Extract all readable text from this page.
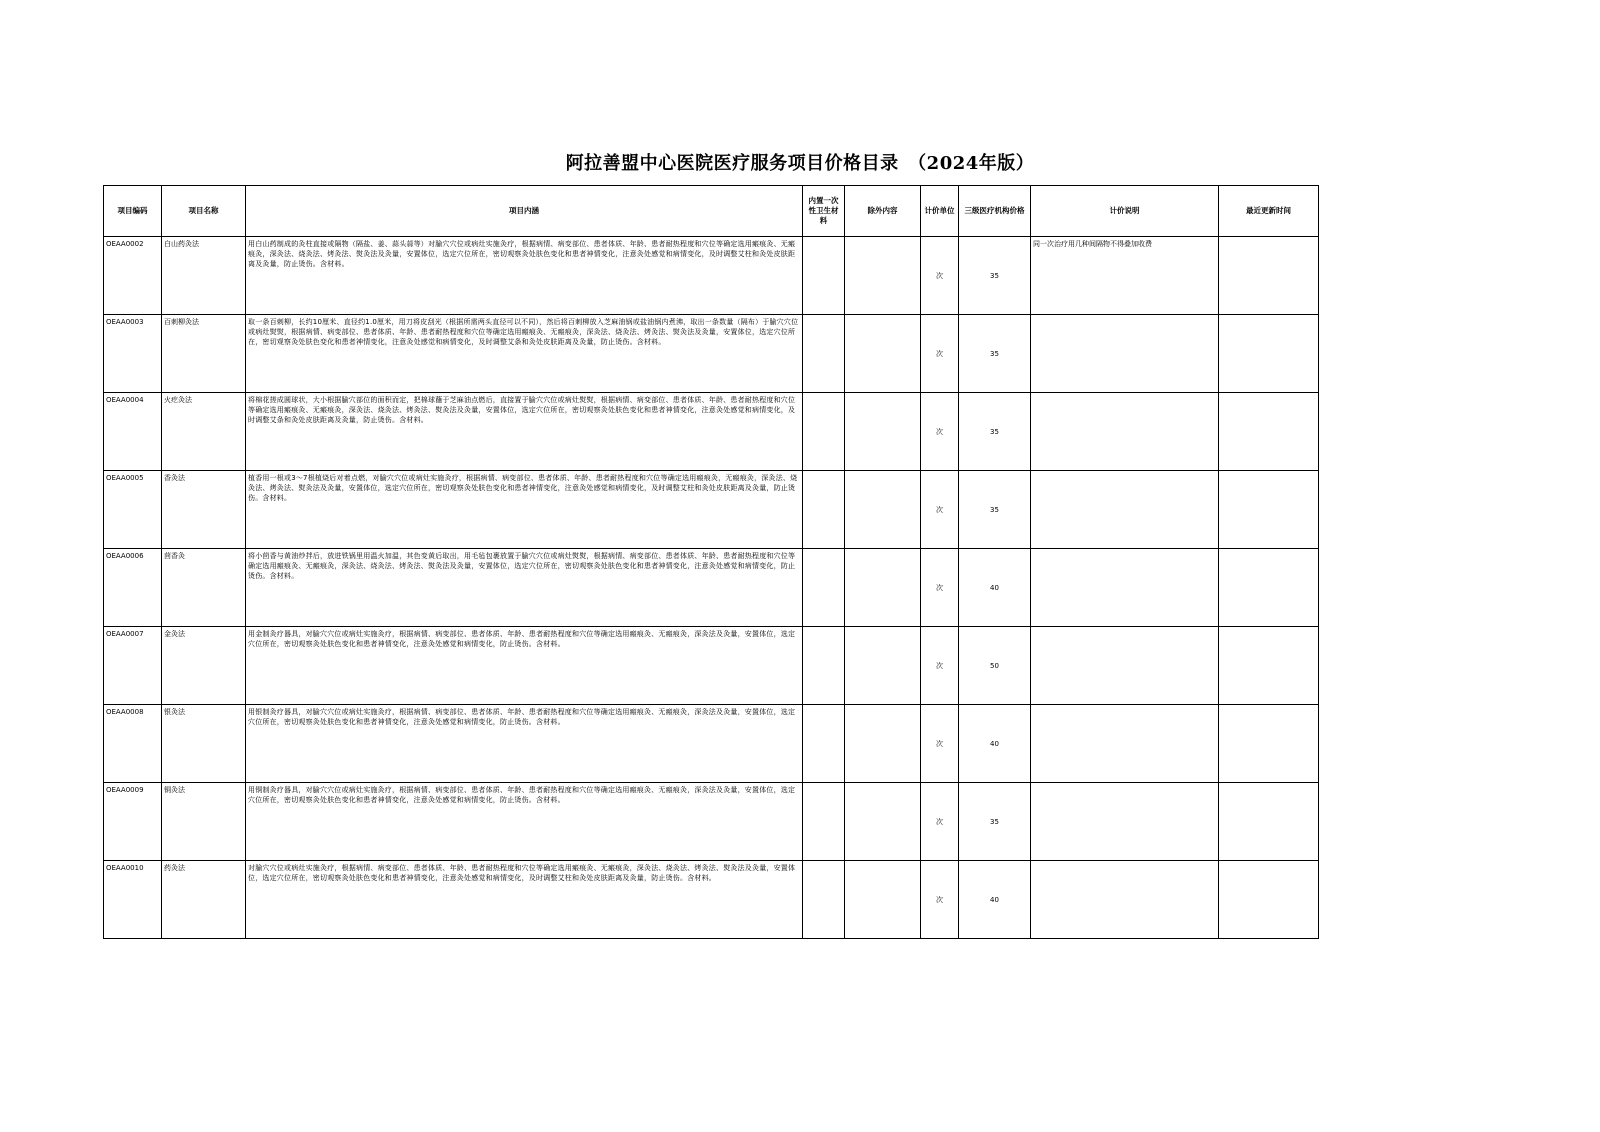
阿拉善盟中心医院医疗服务项目价格目录　（2024年版）
项目编码	项目名称	项目内涵	内置一次性卫生材料	除外内容	计价单位	三级医疗机构价格	计价说明	最近更新时间
OEAA0002	白山药灸法	用白山药制成的灸柱直接或隔物（隔盐、姜、蒜头蒜等）对腧穴穴位或病灶实施灸疗，根据病情、病变部位、患者体质、年龄、患者耐热程度和穴位等确定选用瘢痕灸、无瘢痕灸，深灸法、烧灸法、烤灸法、熨灸法及灸量，安置体位，选定穴位所在，密切观察灸处肤色变化和患者神情变化，注意灸处感觉和病情变化，及时调整艾柱和灸处皮肤距离及灸量，防止烫伤。含材料。			次	35	同一次治疗用几种间隔物不得叠加收费	
OEAA0003	百刺柳灸法	取一条百刺柳，长约10厘米、直径约1.0厘米，用刀将皮刮光（根据所需两头直径可以不同），然后将百刺柳放入芝麻油锅或盐油锅内煮沸，取出一条数量（隔布）于腧穴穴位或病灶熨熨，根据病情、病变部位、患者体质、年龄、患者耐热程度和穴位等确定选用瘢痕灸、无瘢痕灸，深灸法、烧灸法、烤灸法、熨灸法及灸量，安置体位，选定穴位所在，密切观察灸处肤色变化和患者神情变化，注意灸处感觉和病情变化，及时调整艾条和灸处皮肤距离及灸量，防止烫伤。含材料。			次	35		
OEAA0004	火疙灸法	将棉花搓成圆球状，大小根据腧穴部位的面积而定，把棉球蘸于芝麻油点燃后，直接置于腧穴穴位或病灶熨熨，根据病情、病变部位、患者体质、年龄、患者耐热程度和穴位等确定选用瘢痕灸、无瘢痕灸，深灸法、烧灸法、烤灸法、熨灸法及灸量，安置体位，选定穴位所在，密切观察灸处肤色变化和患者神情变化，注意灸处感觉和病情变化，及时调整艾条和灸处皮肤距离及灸量，防止烫伤。含材料。			次	35		
OEAA0005	香灸法	植香用一根或3～7根植烧后对着点燃，对腧穴穴位或病灶实施灸疗，根据病情、病变部位、患者体质、年龄、患者耐热程度和穴位等确定选用瘢痕灸，无瘢痕灸，深灸法、烧灸法、烤灸法、熨灸法及灸量，安置体位，选定穴位所在，密切观察灸处肤色变化和患者神情变化，注意灸处感觉和病情变化，及时调整艾柱和灸处皮肤距离及灸量，防止烫伤。含材料。			次	35		
OEAA0006	茴香灸	将小茴香与黄油炒拌后，放进铁锅里用温火加温，其色变黄后取出，用毛毡包裹放置于腧穴穴位或病灶熨熨，根据病情、病变部位、患者体质、年龄、患者耐热程度和穴位等确定选用瘢痕灸、无瘢痕灸，深灸法、烧灸法、烤灸法、熨灸法及灸量，安置体位，选定穴位所在，密切观察灸处肤色变化和患者神情变化，注意灸处感觉和病情变化，防止烫伤。含材料。			次	40		
OEAA0007	金灸法	用金制灸疗器具，对腧穴穴位或病灶实施灸疗，根据病情、病变部位、患者体质、年龄、患者耐热程度和穴位等确定选用瘢痕灸、无瘢痕灸，深灸法及灸量，安置体位，选定穴位所在，密切观察灸处肤色变化和患者神情变化，注意灸处感觉和病情变化，防止烫伤。含材料。			次	50		
OEAA0008	银灸法	用银制灸疗器具，对腧穴穴位或病灶实施灸疗，根据病情、病变部位、患者体质、年龄、患者耐热程度和穴位等确定选用瘢痕灸、无瘢痕灸，深灸法及灸量，安置体位，选定穴位所在，密切观察灸处肤色变化和患者神情变化，注意灸处感觉和病情变化，防止烫伤。含材料。			次	40		
OEAA0009	铜灸法	用铜制灸疗器具，对腧穴穴位或病灶实施灸疗，根据病情、病变部位、患者体质、年龄、患者耐热程度和穴位等确定选用瘢痕灸、无瘢痕灸，深灸法及灸量，安置体位，选定穴位所在，密切观察灸处肤色变化和患者神情变化，注意灸处感觉和病情变化，防止烫伤。含材料。			次	35		
OEAA0010	药灸法	对腧穴穴位或病灶实施灸疗，根据病情、病变部位、患者体质、年龄、患者耐热程度和穴位等确定选用瘢痕灸、无瘢痕灸，深灸法、烧灸法、烤灸法、熨灸法及灸量，安置体位，选定穴位所在，密切观察灸处肤色变化和患者神情变化，注意灸处感觉和病情变化，及时调整艾柱和灸处皮肤距离及灸量，防止烫伤。含材料。			次	40		
